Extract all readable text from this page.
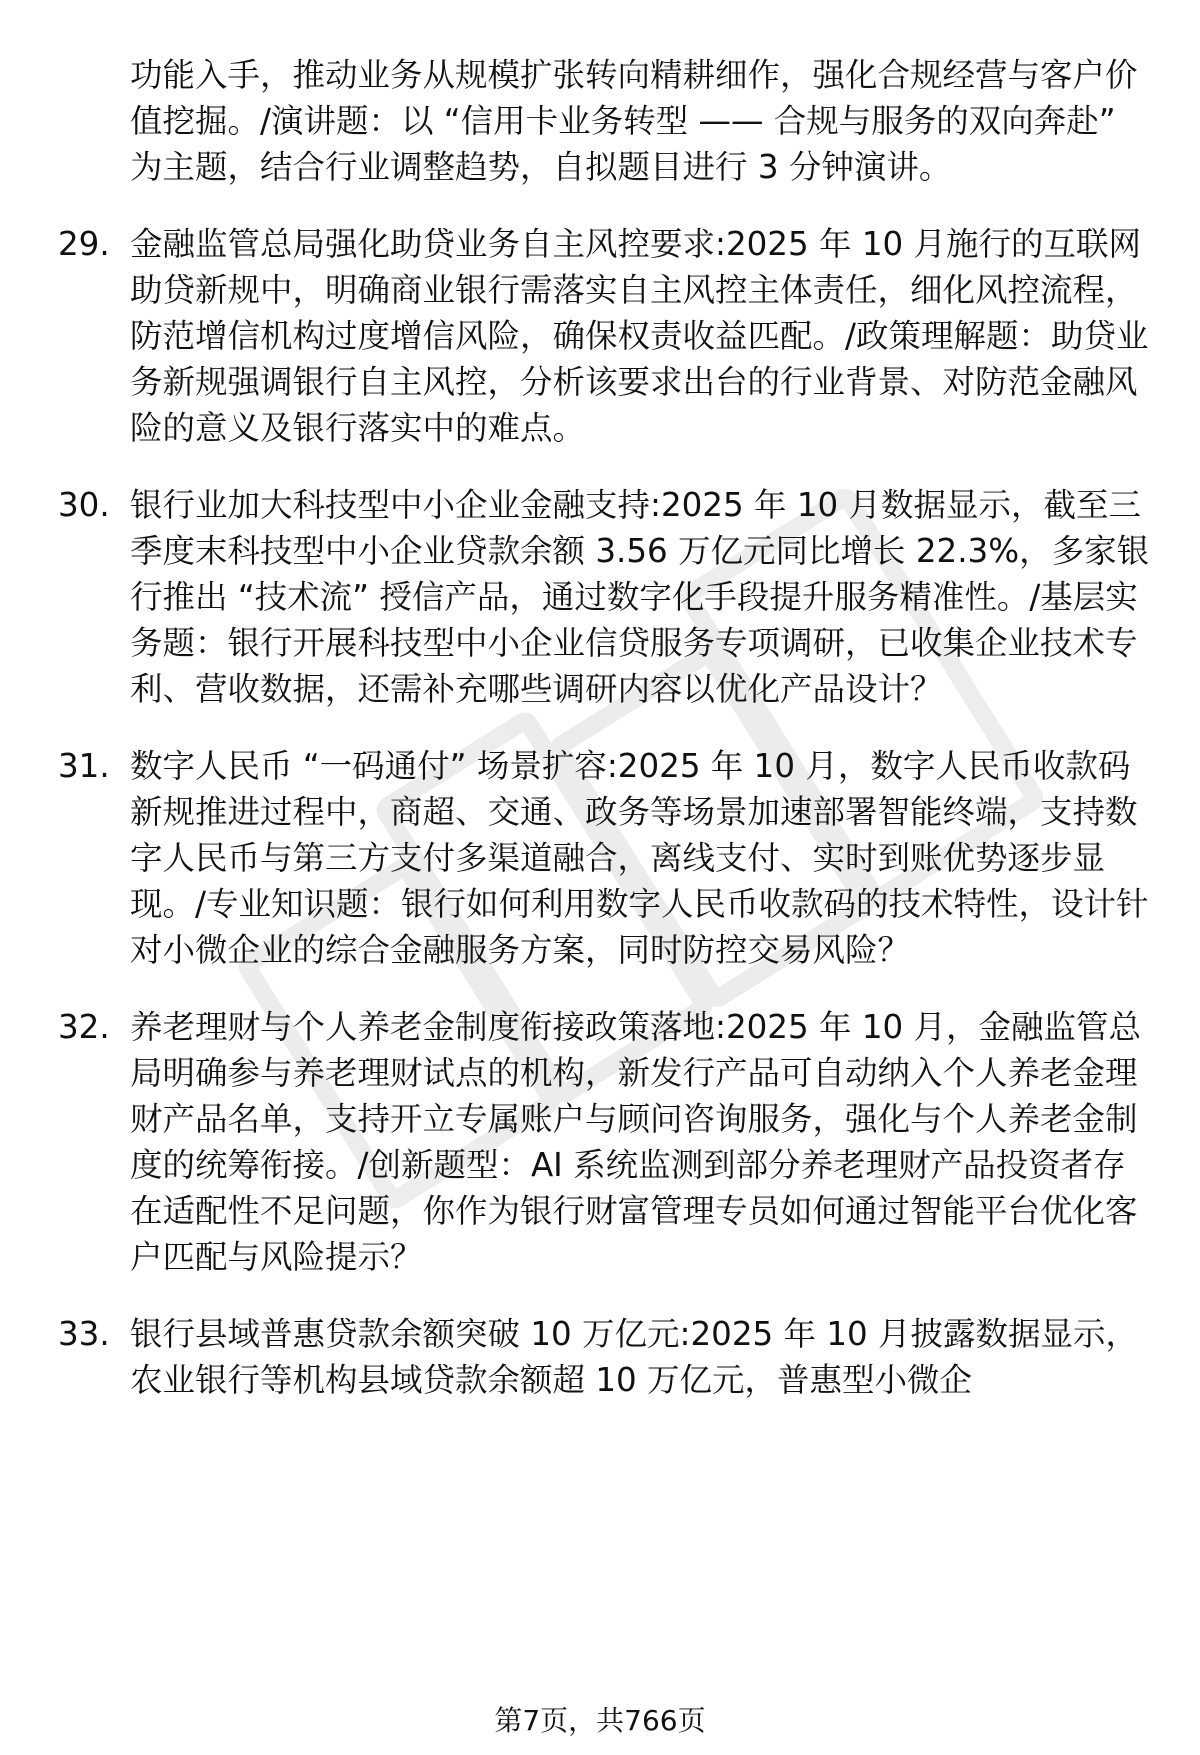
功能入手，推动业务从规模扩张转向精耕细作，强化合规经营与客户价值挖掘。/演讲题：以 “信用卡业务转型 —— 合规与服务的双向奔赴” 为主题，结合行业调整趋势，自拟题目进行 3 分钟演讲。

29. 金融监管总局强化助贷业务自主风控要求:2025 年 10 月施行的互联网助贷新规中，明确商业银行需落实自主风控主体责任，细化风控流程，防范增信机构过度增信风险，确保权责收益匹配。/政策理解题：助贷业务新规强调银行自主风控，分析该要求出台的行业背景、对防范金融风险的意义及银行落实中的难点。
30. 银行业加大科技型中小企业金融支持:2025 年 10 月数据显示，截至三季度末科技型中小企业贷款余额 3.56 万亿元同比增长 22.3%，多家银行推出 “技术流” 授信产品，通过数字化手段提升服务精准性。/基层实务题：银行开展科技型中小企业信贷服务专项调研，已收集企业技术专利、营收数据，还需补充哪些调研内容以优化产品设计？
31. 数字人民币 “一码通付” 场景扩容:2025 年 10 月，数字人民币收款码新规推进过程中，商超、交通、政务等场景加速部署智能终端，支持数字人民币与第三方支付多渠道融合，离线支付、实时到账优势逐步显现。/专业知识题：银行如何利用数字人民币收款码的技术特性，设计针对小微企业的综合金融服务方案，同时防控交易风险？
32. 养老理财与个人养老金制度衔接政策落地:2025 年 10 月，金融监管总局明确参与养老理财试点的机构，新发行产品可自动纳入个人养老金理财产品名单，支持开立专属账户与顾问咨询服务，强化与个人养老金制度的统筹衔接。/创新题型：AI 系统监测到部分养老理财产品投资者存在适配性不足问题，你作为银行财富管理专员如何通过智能平台优化客户匹配与风险提示？
33. 银行县域普惠贷款余额突破 10 万亿元:2025 年 10 月披露数据显示，农业银行等机构县域贷款余额超 10 万亿元，普惠型小微企
第7页，共766页
